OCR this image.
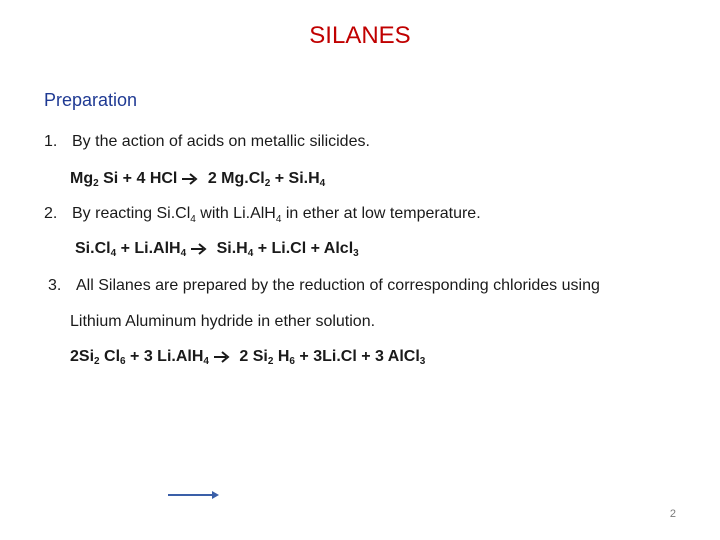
SILANES
Preparation
1. By the action of acids on metallic silicides.
$Mg_2$ Si + 4 HCl → 2 $Mg.Cl_2 + Si.H_4$
2. By reacting $Si.Cl_4$ with Li.AlH$_4$ in ether at low temperature.
$Si.Cl_4 + Li.AlH_4 \to Si.H_4 + Li.Cl$ + Alcl$_3$
3. All Silanes are prepared by the reduction of corresponding chlorides using
Lithium Aluminum hydride in ether solution.
$2Si_2$ $Cl_6 + 3$ Li.AlH$_4$ → 2 $Si_2$ $H_6 + 3Li.Cl + 3$ AlCl$_3$
2
